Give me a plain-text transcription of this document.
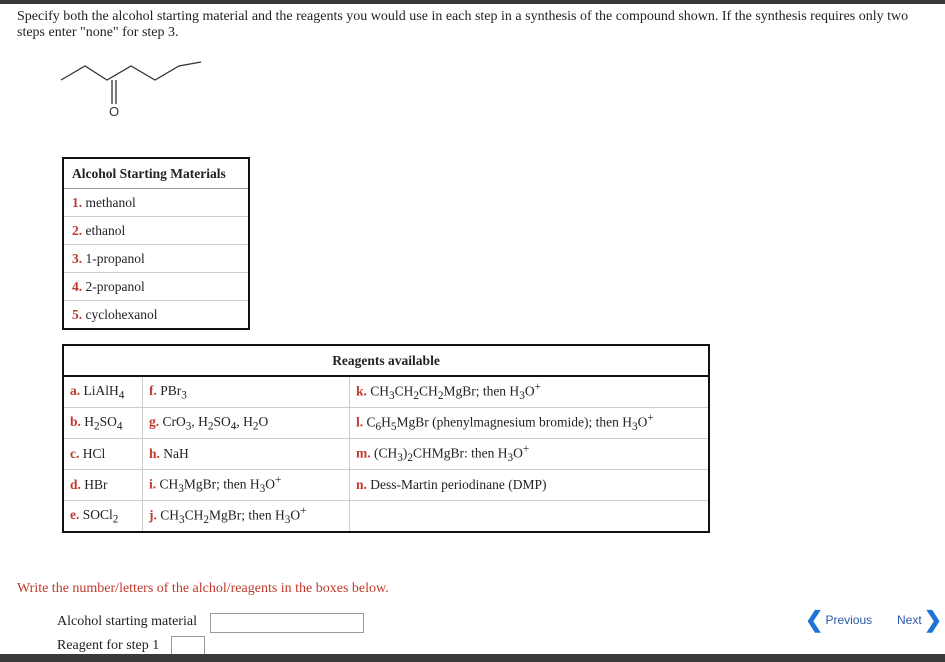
Specify both the alcohol starting material and the reagents you would use in each step in a synthesis of the compound shown. If the synthesis requires only two steps enter "none" for step 3.
O
Alcohol Starting Materials
1. methanol
2. ethanol
3. 1-propanol
4. 2-propanol
5. cyclohexanol
Reagents available		
a. LiAlH$_4$	f. PBr$_3$	k. $CH_3CH_2CH_2MgBr$; then $H_3O^+$
b. $H_2SO_4$	g. CrO$_3$, $H_2SO_4$, $H_2O$	l. $C_6H_5MgBr$ (phenylmagnesium bromide); then $H_3O^+$
c. HCl	h. NaH	m. $(CH_3)_2CHMgBr$: then $H_3O^+$
d. HBr	i. $CH_3MgBr$; then $H_3O^+$	n. Dess-Martin periodinane (DMP)
e. SOCl$_2$	j. $CH_3CH_2MgBr$; then $H_3O^+$	
Write the number/letters of the alchol/reagents in the boxes below.
Alcohol starting material
Reagent for step 1
❮ Previous Next ❯
